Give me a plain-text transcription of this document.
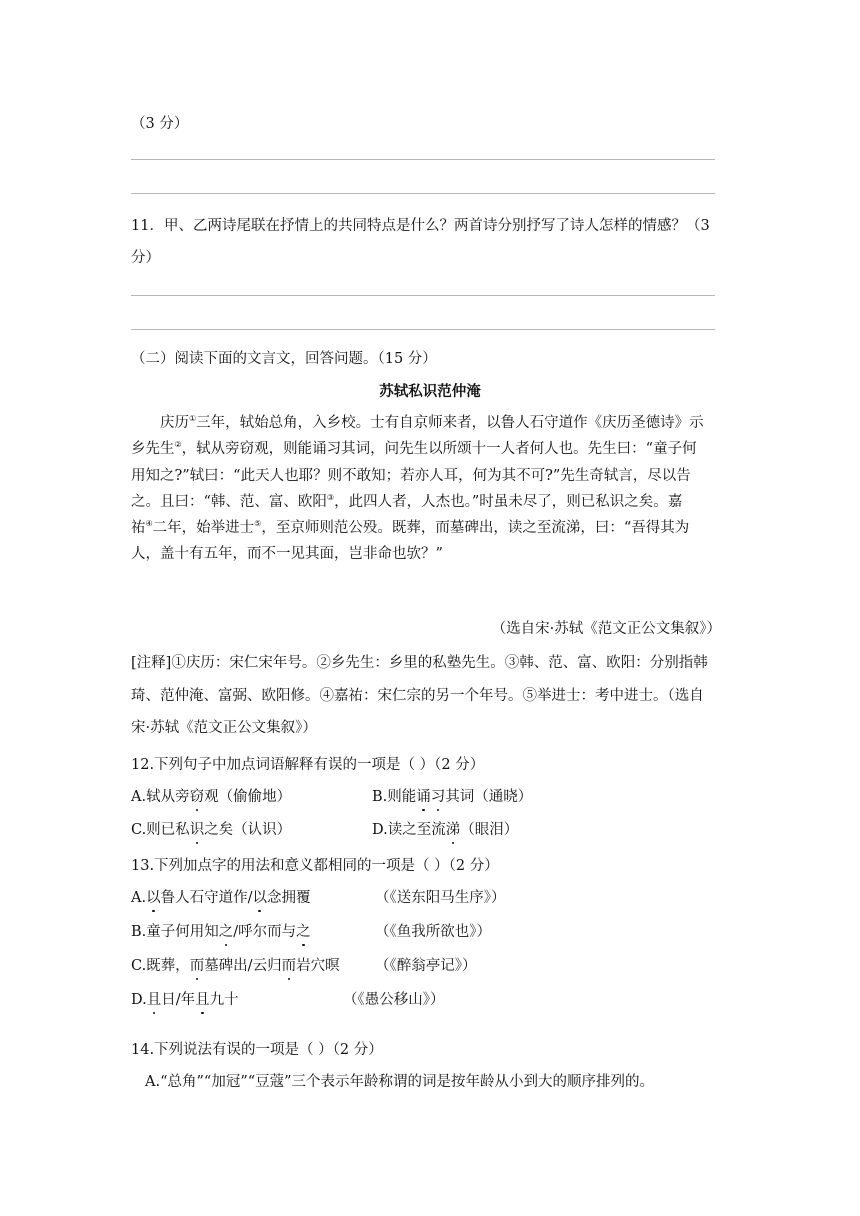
（3 分）
11．甲、乙两诗尾联在抒情上的共同特点是什么？两首诗分别抒写了诗人怎样的情感？（3
分）
（二）阅读下面的文言文，回答问题。（15 分）
苏轼私识范仲淹

庆历①三年，轼始总角，入乡校。士有自京师来者，以鲁人石守道作《庆历圣德诗》示

乡先生②，轼从旁窃观，则能诵习其词，问先生以所颂十一人者何人也。先生曰：“童子何

用知之?”轼曰：“此天人也耶？则不敢知；若亦人耳，何为其不可?”先生奇轼言，尽以告

之。且曰：“韩、范、富、欧阳③，此四人者，人杰也。”时虽未尽了，则已私识之矣。嘉

祐④二年，始举进士⑤，至京师则范公殁。既葬，而墓碑出，读之至流涕，曰：“吾得其为

人，盖十有五年，而不一见其面，岂非命也欤？”

（选自宋·苏轼《范文正公文集叙》）
[注释]①庆历：宋仁宋年号。②乡先生：乡里的私塾先生。③韩、范、富、欧阳：分别指韩
琦、范仲淹、富弼、欧阳修。④嘉祐：宋仁宗的另一个年号。⑤举进士：考中进士。（选自
宋·苏轼《范文正公文集叙》）
12.下列句子中加点词语解释有误的一项是（ ）（2 分）
A.轼从旁窃观（偷偷地）	B.则能诵习其词（通晓）
C.则已私识之矣（认识）	D.读之至流涕（眼泪）
13.下列加点字的用法和意义都相同的一项是（ ）（2 分）
A.以鲁人石守道作/以念拥覆	（《送东阳马生序》）
B.童子何用知之/呼尔而与之	（《鱼我所欲也》）
C.既葬，而墓碑出/云归而岩穴暝 （《醉翁亭记》）
D.且日/年且九十	（《愚公移山》）
14.下列说法有误的一项是（ ）（2 分）
A.“总角”“加冠”“豆蔻”三个表示年龄称谓的词是按年龄从小到大的顺序排列的。
